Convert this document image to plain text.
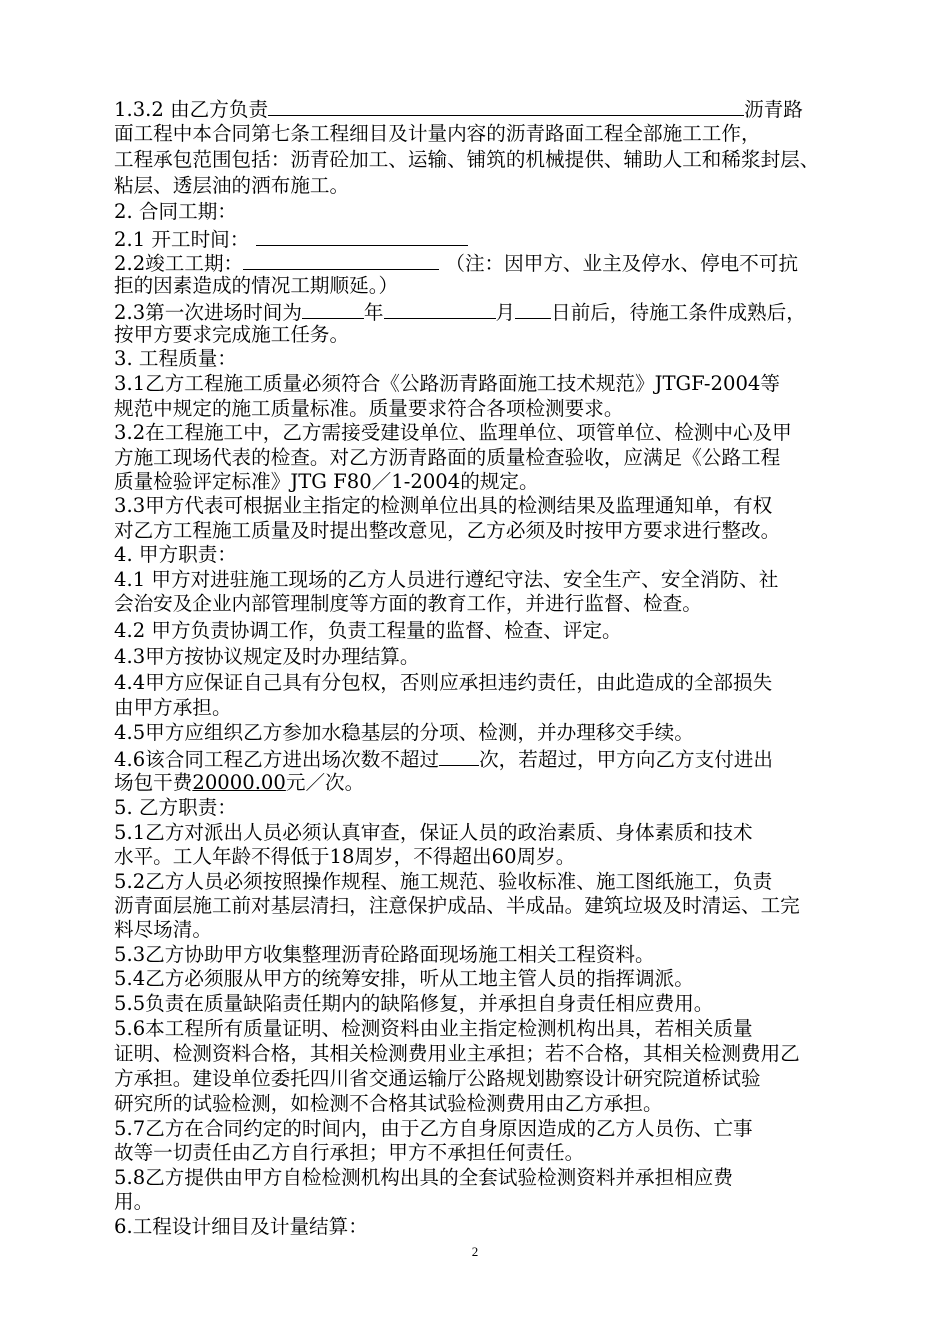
1.3.2 由乙方负责	沥青路
面工程中本合同第七条工程细目及计量内容的沥青路面工程全部施工工作，
工程承包范围包括：沥青砼加工、运输、铺筑的机械提供、辅助人工和稀浆封层、
粘层、透层油的洒布施工。
2. 合同工期：
2.1 开工时间：
2.2竣工工期：	（注：因甲方、业主及停水、停电不可抗
拒的因素造成的情况工期顺延。）
2.3第一次进场时间为	年	月 日前后，待施工条件成熟后，
按甲方要求完成施工任务。
3. 工程质量：
3.1乙方工程施工质量必须符合《公路沥青路面施工技术规范》JTGF-2004等
规范中规定的施工质量标准。质量要求符合各项检测要求。
3.2在工程施工中，乙方需接受建设单位、监理单位、项管单位、检测中心及甲
方施工现场代表的检查。对乙方沥青路面的质量检查验收，应满足《公路工程
质量检验评定标准》JTG F80／1-2004的规定。
3.3甲方代表可根据业主指定的检测单位出具的检测结果及监理通知单，有权
对乙方工程施工质量及时提出整改意见，乙方必须及时按甲方要求进行整改。
4. 甲方职责：
4.1 甲方对进驻施工现场的乙方人员进行遵纪守法、安全生产、安全消防、社
会治安及企业内部管理制度等方面的教育工作，并进行监督、检查。
4.2 甲方负责协调工作，负责工程量的监督、检查、评定。
4.3甲方按协议规定及时办理结算。
4.4甲方应保证自己具有分包权，否则应承担违约责任，由此造成的全部损失
由甲方承担。
4.5甲方应组织乙方参加水稳基层的分项、检测，并办理移交手续。
4.6该合同工程乙方进出场次数不超过 次，若超过，甲方向乙方支付进出
场包干费20000.00元／次。
5. 乙方职责：
5.1乙方对派出人员必须认真审查，保证人员的政治素质、身体素质和技术
水平。工人年龄不得低于18周岁，不得超出60周岁。
5.2乙方人员必须按照操作规程、施工规范、验收标准、施工图纸施工，负责
沥青面层施工前对基层清扫，注意保护成品、半成品。建筑垃圾及时清运、工完
料尽场清。
5.3乙方协助甲方收集整理沥青砼路面现场施工相关工程资料。
5.4乙方必须服从甲方的统筹安排，听从工地主管人员的指挥调派。
5.5负责在质量缺陷责任期内的缺陷修复，并承担自身责任相应费用。
5.6本工程所有质量证明、检测资料由业主指定检测机构出具，若相关质量
证明、检测资料合格，其相关检测费用业主承担；若不合格，其相关检测费用乙
方承担。建设单位委托四川省交通运输厅公路规划勘察设计研究院道桥试验
研究所的试验检测，如检测不合格其试验检测费用由乙方承担。
5.7乙方在合同约定的时间内，由于乙方自身原因造成的乙方人员伤、亡事
故等一切责任由乙方自行承担；甲方不承担任何责任。
5.8乙方提供由甲方自检检测机构出具的全套试验检测资料并承担相应费
用。
6.工程设计细目及计量结算：
2
